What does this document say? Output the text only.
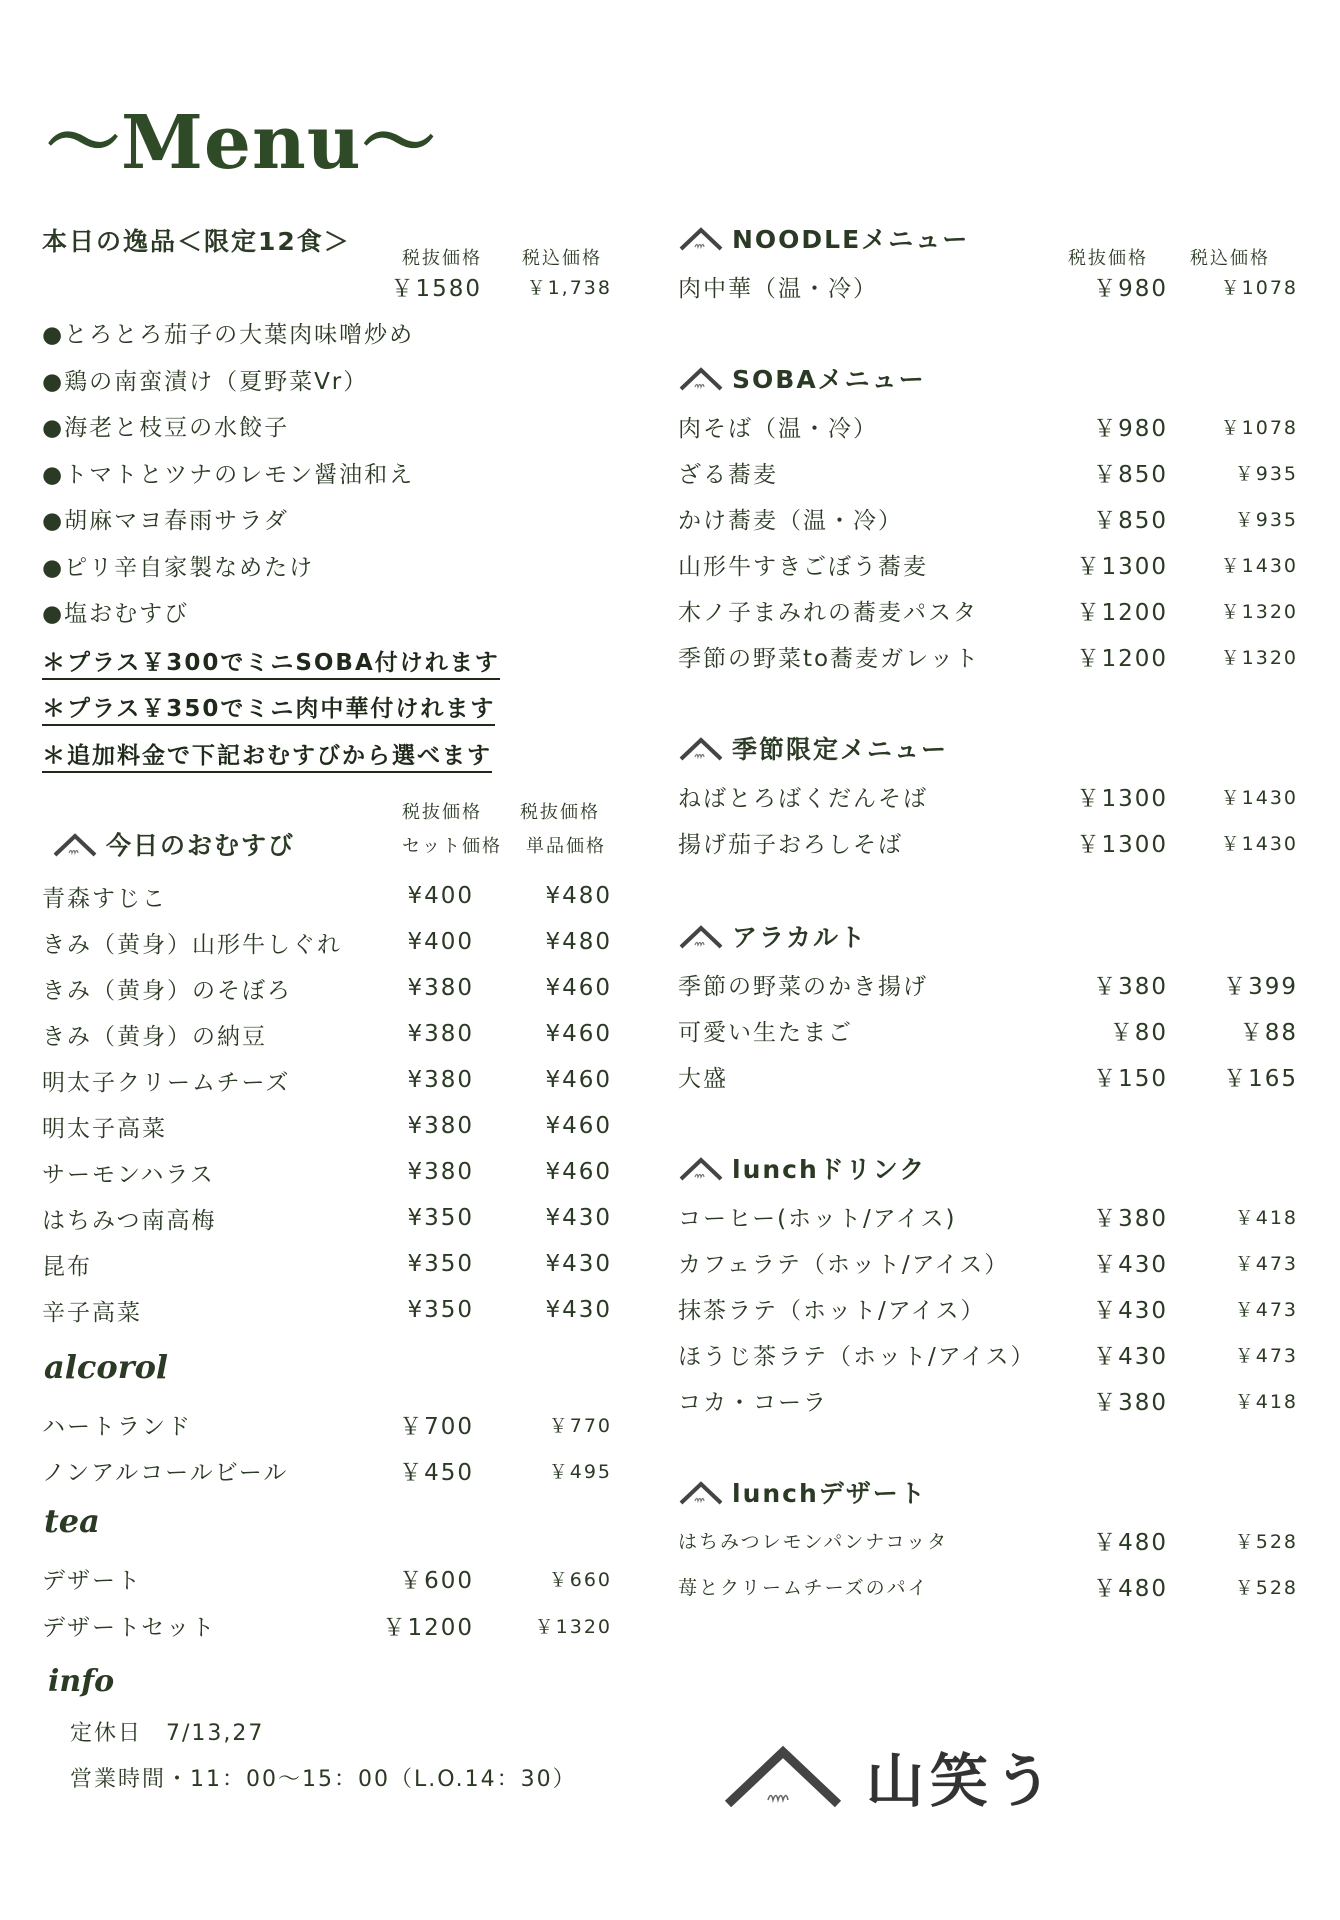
〜Menu〜
本日の逸品＜限定12食＞
税抜価格 税込価格
￥1580	￥1,738
●とろとろ茄子の大葉肉味噌炒め
●鶏の南蛮漬け（夏野菜Vr）
●海老と枝豆の水餃子
●トマトとツナのレモン醤油和え
●胡麻マヨ春雨サラダ
●ピリ辛自家製なめたけ
●塩おむすび
＊プラス￥300でミニSOBA付けれます
＊プラス￥350でミニ肉中華付けれます
＊追加料金で下記おむすびから選べます
税抜価格 税抜価格
セット価格 単品価格
今日のおむすび
青森すじこ	¥400	¥480
きみ（黄身）山形牛しぐれ	¥400	¥480
きみ（黄身）のそぼろ	¥380	¥460
きみ（黄身）の納豆	¥380	¥460
明太子クリームチーズ	¥380	¥460
明太子高菜	¥380	¥460
サーモンハラス	¥380	¥460
はちみつ南高梅	¥350	¥430
昆布	¥350	¥430
辛子高菜	¥350	¥430
alcorol
ハートランド	￥700	￥770
ノンアルコールビール	￥450	￥495
tea
デザート	￥600	￥660
デザートセット	￥1200	￥1320
info
定休日　7/13,27
営業時間・11：00〜15：00（L.O.14：30）
NOODLEメニュー
税抜価格 税込価格
肉中華（温・冷）	￥980	￥1078
SOBAメニュー
肉そば（温・冷）	￥980	￥1078
ざる蕎麦	￥850	￥935
かけ蕎麦（温・冷）	￥850	￥935
山形牛すきごぼう蕎麦	￥1300	￥1430
木ノ子まみれの蕎麦パスタ	￥1200	￥1320
季節の野菜to蕎麦ガレット	￥1200	￥1320
季節限定メニュー
ねばとろばくだんそば	￥1300	￥1430
揚げ茄子おろしそば	￥1300	￥1430
アラカルト
季節の野菜のかき揚げ	￥380	￥399
可愛い生たまご	￥80	￥88
大盛	￥150	￥165
lunchドリンク
コーヒー(ホット/アイス)	￥380	￥418
カフェラテ（ホット/アイス）	￥430	￥473
抹茶ラテ（ホット/アイス）	￥430	￥473
ほうじ茶ラテ（ホット/アイス）	￥430	￥473
コカ・コーラ	￥380	￥418
lunchデザート
はちみつレモンパンナコッタ	￥480	￥528
苺とクリームチーズのパイ	￥480	￥528
山笑う
